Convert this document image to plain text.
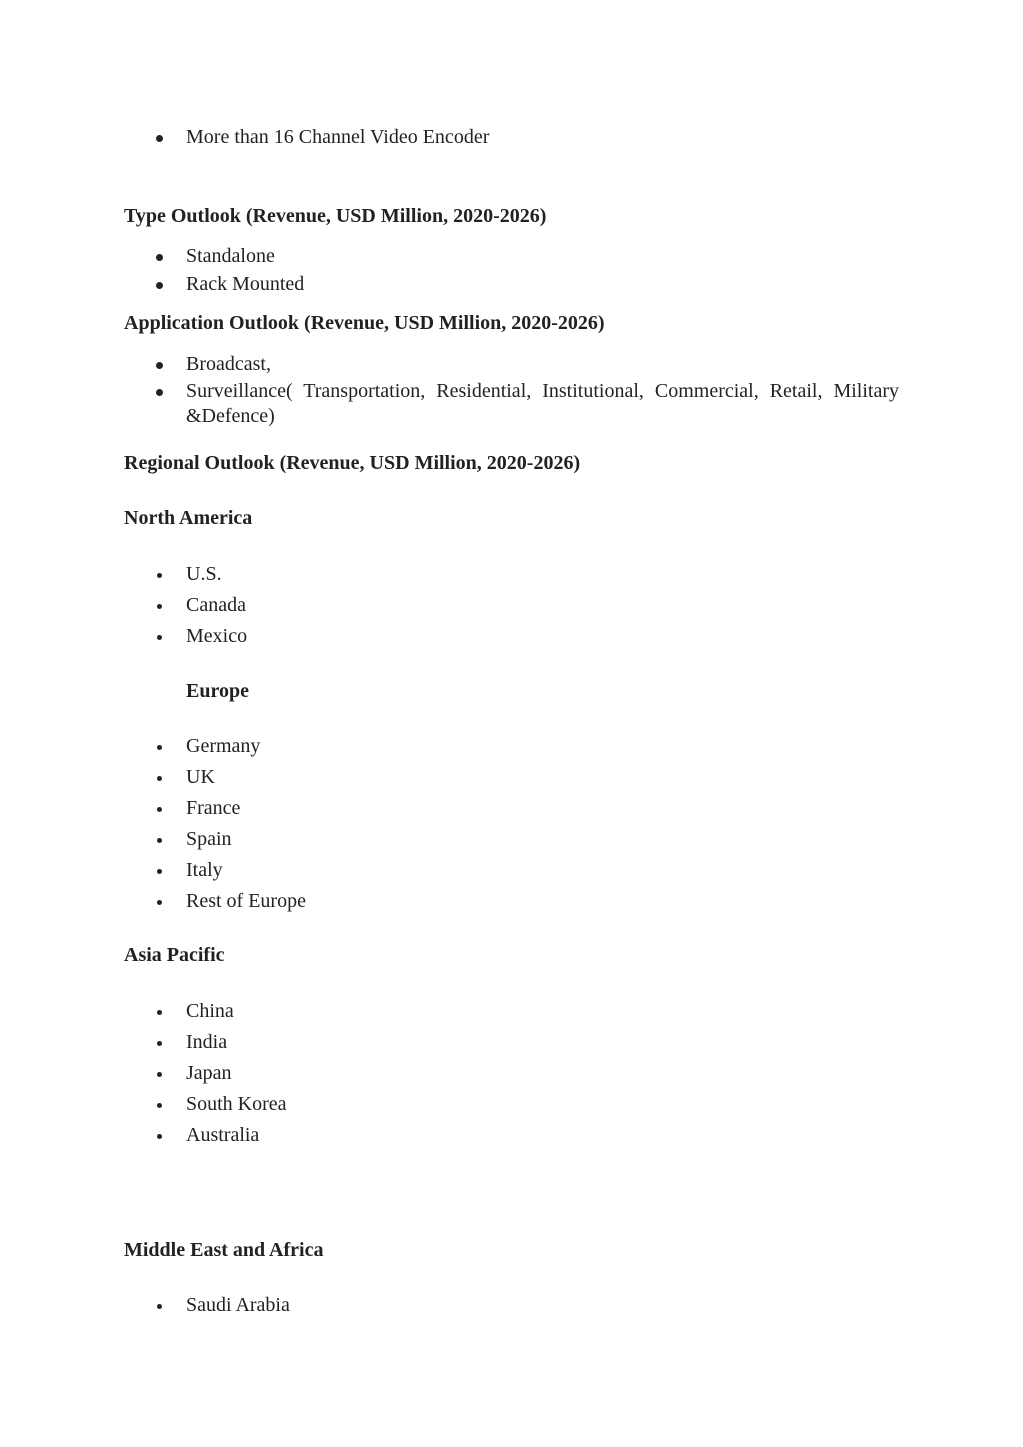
More than 16 Channel Video Encoder
Type Outlook (Revenue, USD Million, 2020-2026)
Standalone
Rack Mounted
Application Outlook (Revenue, USD Million, 2020-2026)
Broadcast,
Surveillance( Transportation, Residential, Institutional, Commercial, Retail, Military &Defence)
Regional Outlook (Revenue, USD Million, 2020-2026)
North America
U.S.
Canada
Mexico
Europe
Germany
UK
France
Spain
Italy
Rest of Europe
Asia Pacific
China
India
Japan
South Korea
Australia
Middle East and Africa
Saudi Arabia
